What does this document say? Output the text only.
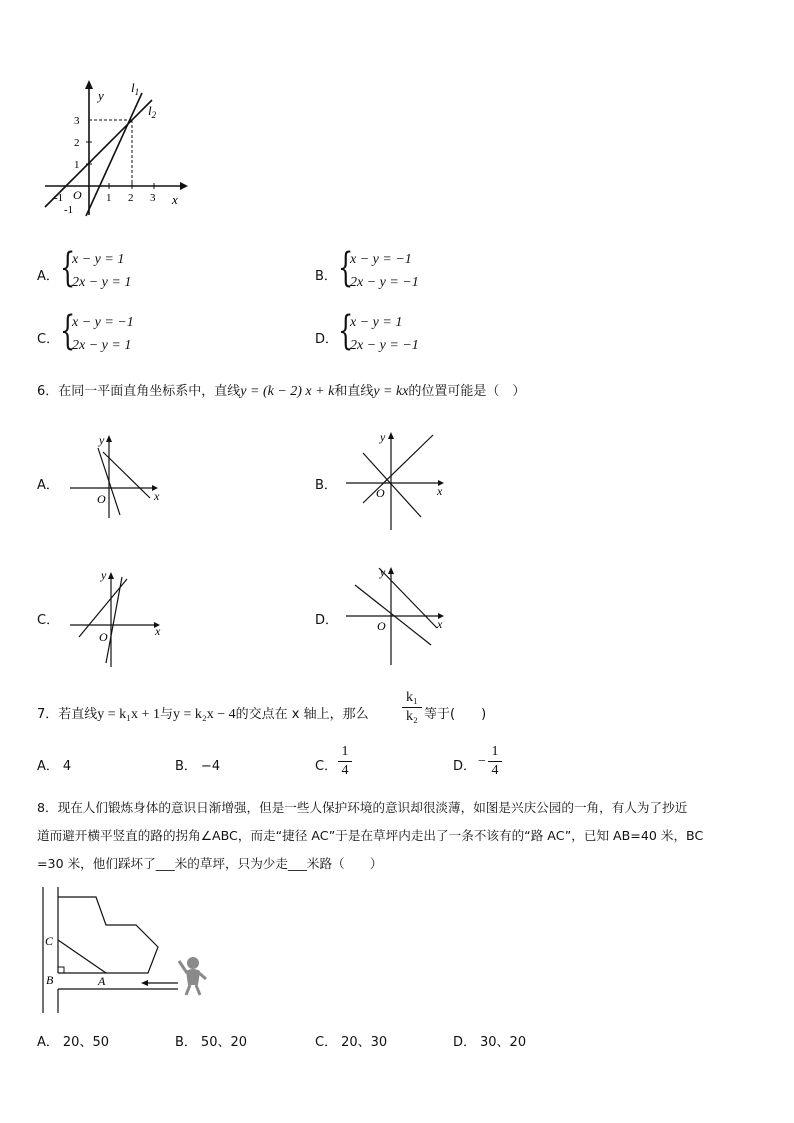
y
x
$l_1$
$l_2$
O
-1	1 2 3
3
2
1
-1
A． {
x − y = 1
2x − y = 1	B． {
x − y = −1
2x − y = −1
C． {
x − y = −1
2x − y = 1	D． {
x − y = 1
2x − y = −1
6．在同一平面直角坐标系中，直线y = (k − 2) x + k和直线y = kx的位置可能是（　）
A．
y
x
O
B．
y
x
O
C．
y
x
O
D．
y
x
O
7．若直线y = k₁x + 1与y = k₂x − 4的交点在 x 轴上，那么
k₁
k₂ 等于(　　)
A． 4	B． −4	C．
1
4	D． −
1
4
8．现在人们锻炼身体的意识日渐增强，但是一些人保护环境的意识却很淡薄，如图是兴庆公园的一角，有人为了抄近
道而避开横平竖直的路的拐角∠ABC，而走“捷径 AC”于是在草坪内走出了一条不该有的“路 AC”，已知 AB=40 米，BC
=30 米，他们踩坏了___米的草坪，只为少走___米路（　　）
C
B	A
A． 20、50	B． 50、20	C． 20、30	D． 30、20
